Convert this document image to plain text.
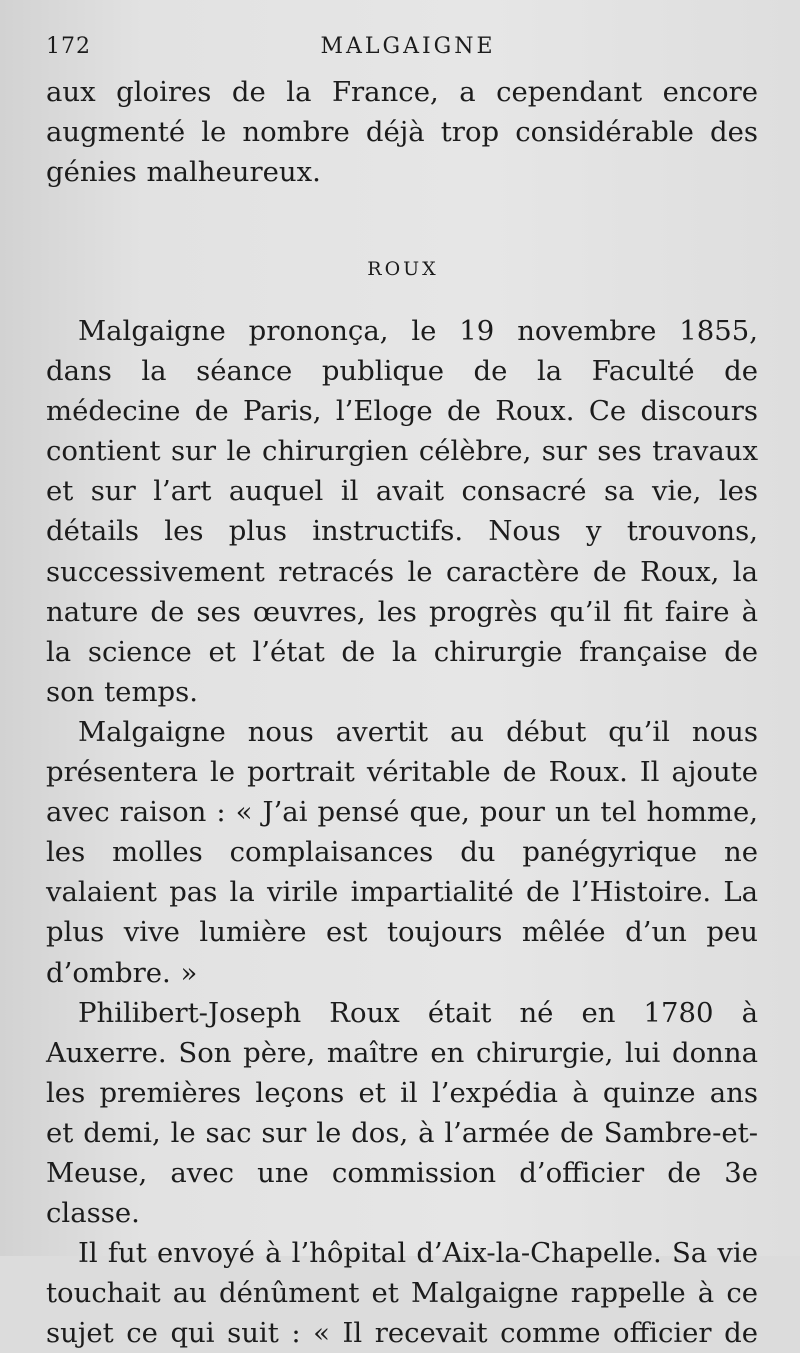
172	MALGAIGNE

aux gloires de la France, a cependant encore augmenté le nombre déjà trop considérable des génies malheureux.

ROUX

Malgaigne prononça, le 19 novembre 1855, dans la séance publique de la Faculté de médecine de Paris, l’Eloge de Roux. Ce discours contient sur le chirurgien célèbre, sur ses travaux et sur l’art auquel il avait consacré sa vie, les détails les plus instructifs. Nous y trouvons, successivement retracés le caractère de Roux, la nature de ses œuvres, les progrès qu’il fit faire à la science et l’état de la chirurgie française de son temps.

Malgaigne nous avertit au début qu’il nous présentera le portrait véritable de Roux. Il ajoute avec raison : « J’ai pensé que, pour un tel homme, les molles complaisances du panégyrique ne valaient pas la virile impartialité de l’Histoire. La plus vive lumière est toujours mêlée d’un peu d’ombre. »

Philibert-Joseph Roux était né en 1780 à Auxerre. Son père, maître en chirurgie, lui donna les premières leçons et il l’expédia à quinze ans et demi, le sac sur le dos, à l’armée de Sambre-et-Meuse, avec une commission d’officier de 3e classe.

Il fut envoyé à l’hôpital d’Aix-la-Chapelle. Sa vie touchait au dénûment et Malgaigne rappelle à ce sujet ce qui suit : « Il recevait comme officier de
